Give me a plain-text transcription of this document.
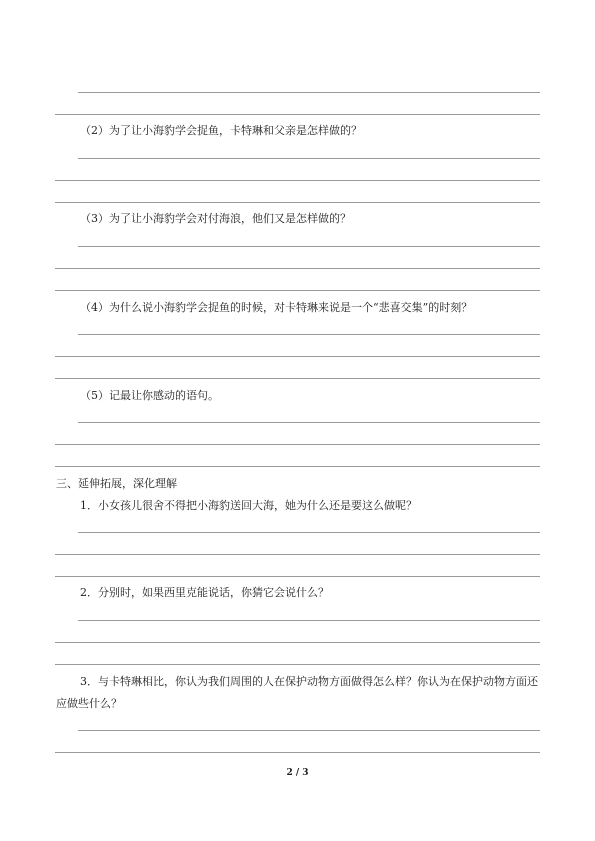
（2）为了让小海豹学会捉鱼，卡特琳和父亲是怎样做的？
（3）为了让小海豹学会对付海浪，他们又是怎样做的？
（4）为什么说小海豹学会捉鱼的时候，对卡特琳来说是一个“悲喜交集”的时刻？
（5）记最让你感动的语句。
三、延伸拓展，深化理解
1．小女孩儿很舍不得把小海豹送回大海，她为什么还是要这么做呢？
2．分别时，如果西里克能说话，你猜它会说什么？
3．与卡特琳相比，你认为我们周围的人在保护动物方面做得怎么样？你认为在保护动物方面还应做些什么？
2 / 3
